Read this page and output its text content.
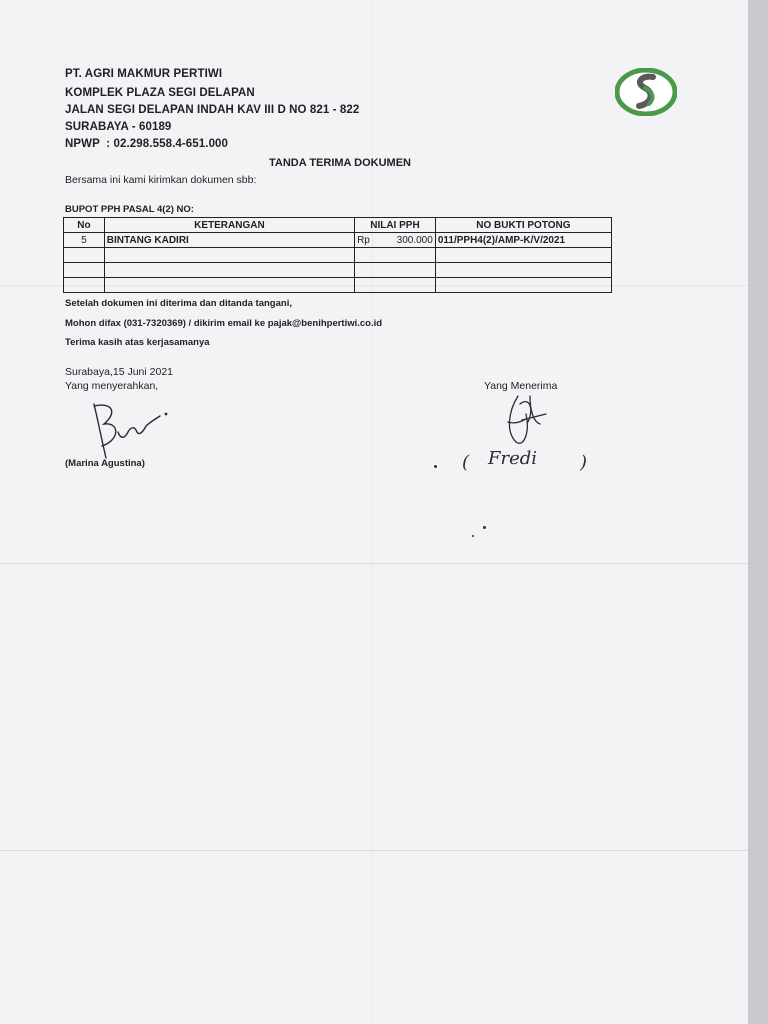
PT. AGRI MAKMUR PERTIWI
KOMPLEK PLAZA SEGI DELAPAN
JALAN SEGI DELAPAN INDAH KAV III D NO 821 - 822
SURABAYA - 60189
NPWP  : 02.298.558.4-651.000
TANDA TERIMA DOKUMEN
Bersama ini kami kirimkan dokumen sbb:
BUPOT PPH PASAL 4(2) NO:
No	KETERANGAN	NILAI PPH	NO BUKTI POTONG
5	BINTANG KADIRI	Rp 300.000	011/PPH4(2)/AMP-K/V/2021

Setelah dokumen ini diterima dan ditanda tangani,
Mohon difax (031-7320369) / dikirim email ke pajak@benihpertiwi.co.id
Terima kasih atas kerjasamanya
Surabaya,15 Juni 2021
Yang menyerahkan,	Yang Menerima
(Marina Agustina)	( Fredi )
